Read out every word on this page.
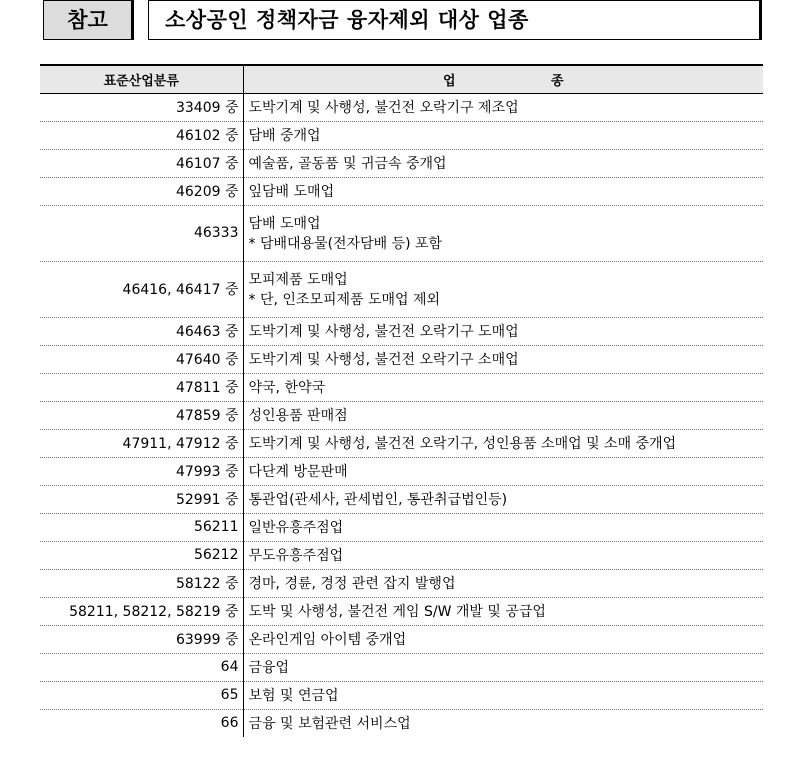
참고	소상공인 정책자금 융자제외 대상 업종
표준산업분류	업 종
33409 중	도박기계 및 사행성, 불건전 오락기구 제조업

46102 중	담배 중개업

46107 중	예술품, 골동품 및 귀금속 중개업

46209 중	잎담배 도매업

46333	담배 도매업
* 담배대용물(전자담배 등) 포함

46416, 46417 중	모피제품 도매업
* 단, 인조모피제품 도매업 제외

46463 중	도박기계 및 사행성, 불건전 오락기구 도매업

47640 중	도박기계 및 사행성, 불건전 오락기구 소매업

47811 중	약국, 한약국

47859 중	성인용품 판매점

47911, 47912 중	도박기계 및 사행성, 불건전 오락기구, 성인용품 소매업 및 소매 중개업

47993 중	다단계 방문판매

52991 중	통관업(관세사, 관세법인, 통관취급법인등)

56211	일반유흥주점업

56212	무도유흥주점업

58122 중	경마, 경륜, 경정 관련 잡지 발행업

58211, 58212, 58219 중	도박 및 사행성, 불건전 게임 S/W 개발 및 공급업

63999 중	온라인게임 아이템 중개업

64	금융업

65	보험 및 연금업

66	금융 및 보험관련 서비스업
